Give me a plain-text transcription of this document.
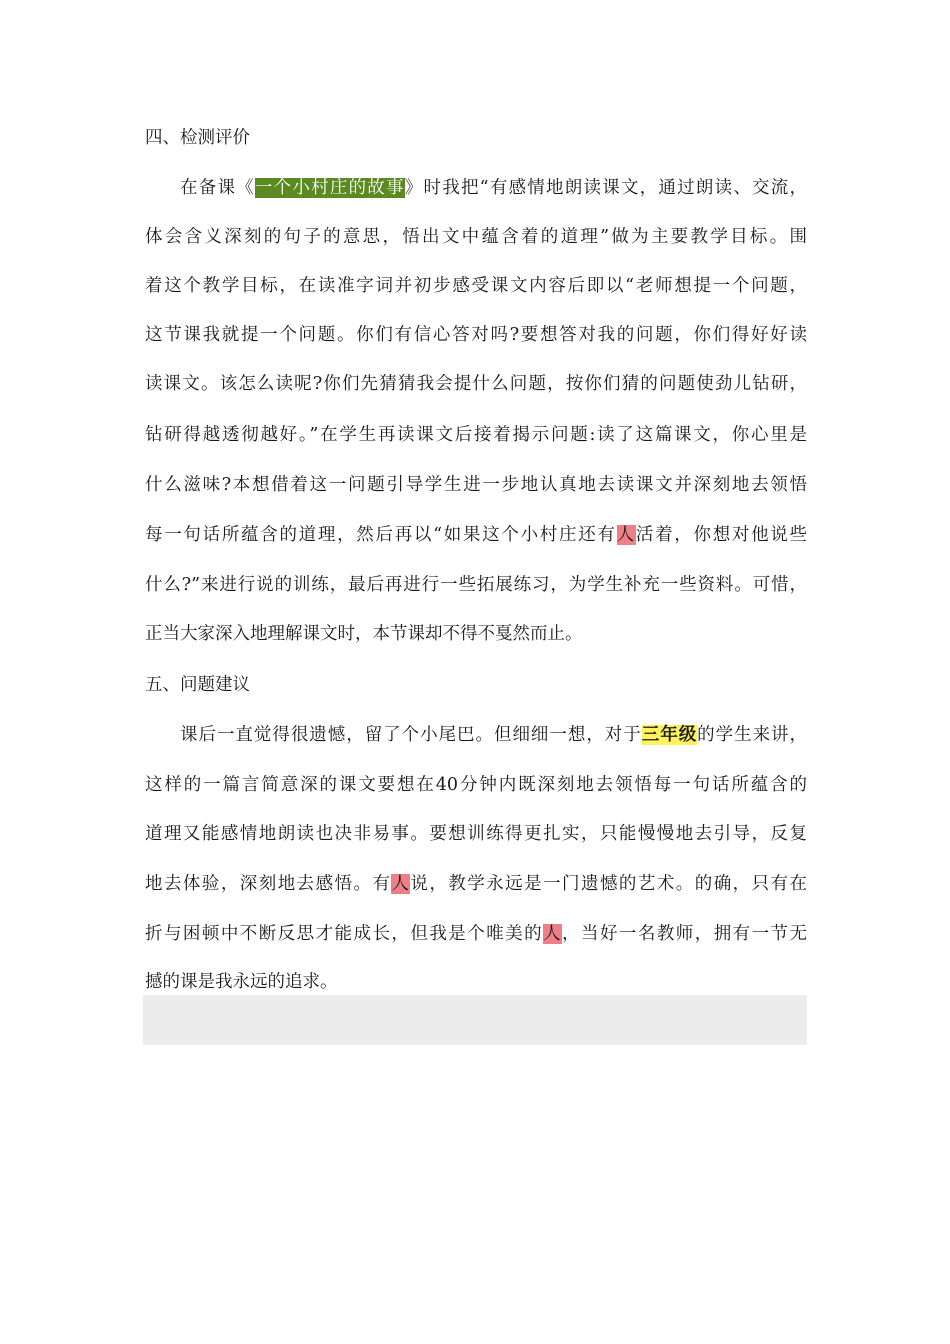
四、检测评价
在备课《一个小村庄的故事》时我把“有感情地朗读课文，通过朗读、交流，
体会含义深刻的句子的意思，悟出文中蕴含着的道理”做为主要教学目标。围
着这个教学目标，在读准字词并初步感受课文内容后即以“老师想提一个问题，
这节课我就提一个问题。你们有信心答对吗?要想答对我的问题，你们得好好读
读课文。该怎么读呢?你们先猜猜我会提什么问题，按你们猜的问题使劲儿钻研，
钻研得越透彻越好。”在学生再读课文后接着揭示问题:读了这篇课文，你心里是
什么滋味?本想借着这一问题引导学生进一步地认真地去读课文并深刻地去领悟
每一句话所蕴含的道理，然后再以“如果这个小村庄还有人活着，你想对他说些
什么?”来进行说的训练，最后再进行一些拓展练习，为学生补充一些资料。可惜，
正当大家深入地理解课文时，本节课却不得不戛然而止。
五、问题建议
课后一直觉得很遗憾，留了个小尾巴。但细细一想，对于三年级的学生来讲，
这样的一篇言简意深的课文要想在40分钟内既深刻地去领悟每一句话所蕴含的
道理又能感情地朗读也决非易事。要想训练得更扎实，只能慢慢地去引导，反复
地去体验，深刻地去感悟。有人说，教学永远是一门遗憾的艺术。的确，只有在
折与困顿中不断反思才能成长，但我是个唯美的人，当好一名教师，拥有一节无
撼的课是我永远的追求。
